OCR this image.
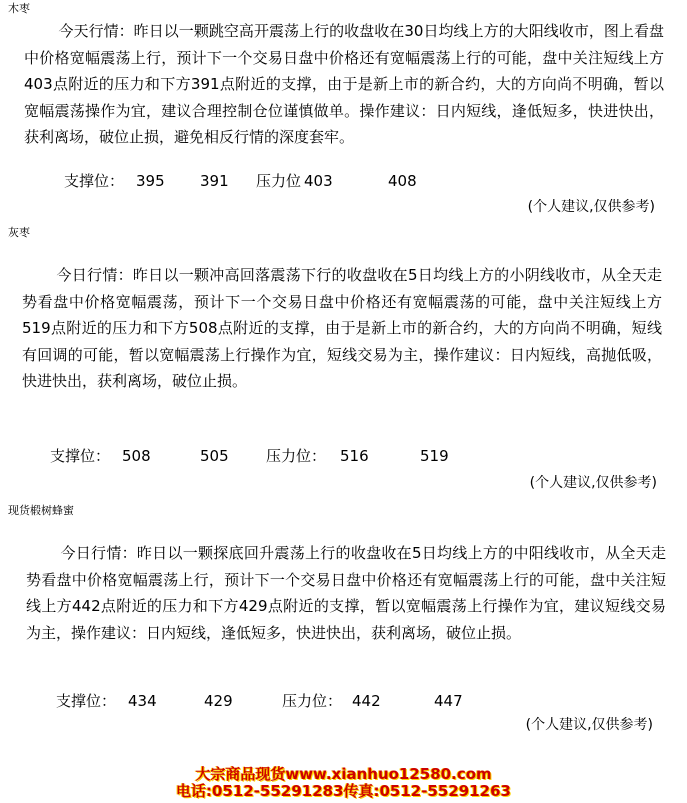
木枣
今天行情：昨日以一颗跳空高开震荡上行的收盘收在30日均线上方的大阳线收市，图上看盘中价格宽幅震荡上行，预计下一个交易日盘中价格还有宽幅震荡上行的可能，盘中关注短线上方403点附近的压力和下方391点附近的支撑，由于是新上市的新合约，大的方向尚不明确，暂以宽幅震荡操作为宜，建议合理控制仓位谨慎做单。操作建议：日内短线，逢低短多，快进快出，获利离场，破位止损，避免相反行情的深度套牢。
支撑位： 395 391 压力位 403	408
(个人建议,仅供参考)
灰枣
今日行情：昨日以一颗冲高回落震荡下行的收盘收在5日均线上方的小阴线收市，从全天走势看盘中价格宽幅震荡，预计下一个交易日盘中价格还有宽幅震荡的可能，盘中关注短线上方519点附近的压力和下方508点附近的支撑，由于是新上市的新合约，大的方向尚不明确，短线有回调的可能，暂以宽幅震荡上行操作为宜，短线交易为主，操作建议：日内短线，高抛低吸，快进快出，获利离场，破位止损。
支撑位： 508	505 压力位： 516	519
(个人建议,仅供参考)
现货椴树蜂蜜
今日行情：昨日以一颗探底回升震荡上行的收盘收在5日均线上方的中阳线收市，从全天走势看盘中价格宽幅震荡上行，预计下一个交易日盘中价格还有宽幅震荡上行的可能，盘中关注短线上方442点附近的压力和下方429点附近的支撑，暂以宽幅震荡上行操作为宜，建议短线交易为主，操作建议：日内短线，逢低短多，快进快出，获利离场，破位止损。
支撑位： 434	429	压力位： 442	447
(个人建议,仅供参考)
大宗商品现货www.xianhuo12580.com
电话:0512-55291283传真:0512-55291263
